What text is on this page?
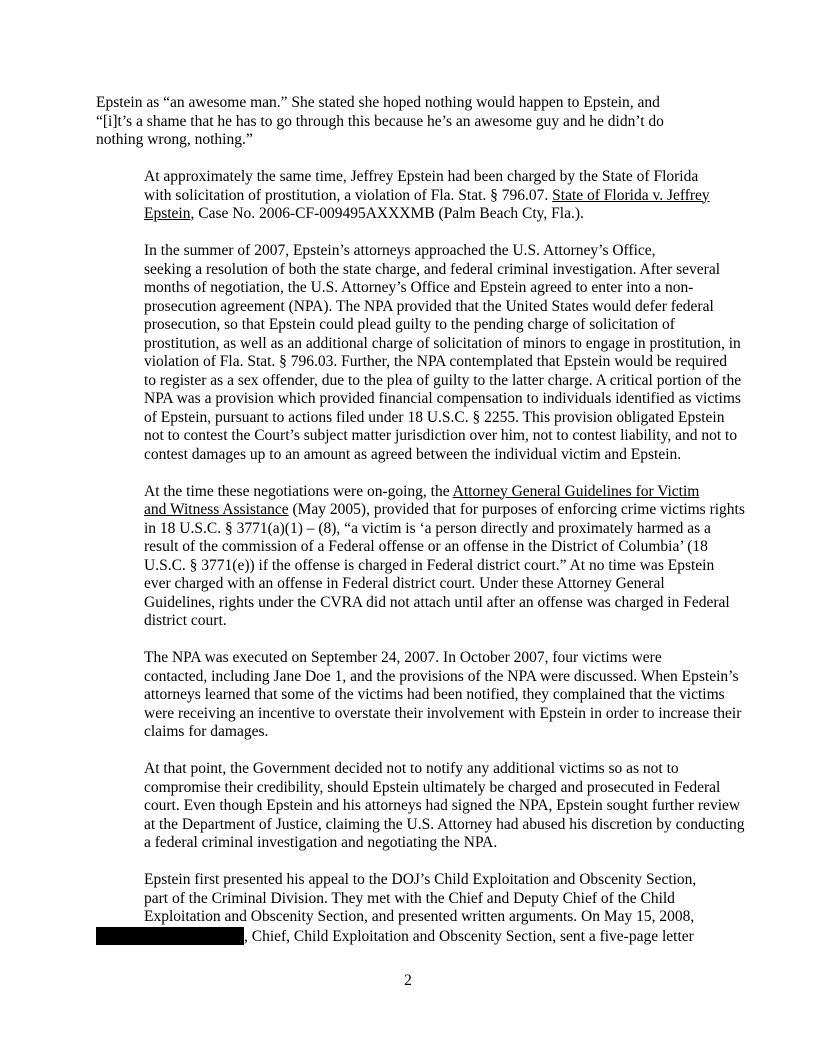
Epstein as “an awesome man.” She stated she hoped nothing would happen to Epstein, and
“[i]t’s a shame that he has to go through this because he’s an awesome guy and he didn’t do
nothing wrong, nothing.”

At approximately the same time, Jeffrey Epstein had been charged by the State of Florida
with solicitation of prostitution, a violation of Fla. Stat. § 796.07. State of Florida v. Jeffrey
Epstein, Case No. 2006-CF-009495AXXXMB (Palm Beach Cty, Fla.).

In the summer of 2007, Epstein’s attorneys approached the U.S. Attorney’s Office,
seeking a resolution of both the state charge, and federal criminal investigation. After several
months of negotiation, the U.S. Attorney’s Office and Epstein agreed to enter into a non-
prosecution agreement (NPA). The NPA provided that the United States would defer federal
prosecution, so that Epstein could plead guilty to the pending charge of solicitation of
prostitution, as well as an additional charge of solicitation of minors to engage in prostitution, in
violation of Fla. Stat. § 796.03. Further, the NPA contemplated that Epstein would be required
to register as a sex offender, due to the plea of guilty to the latter charge. A critical portion of the
NPA was a provision which provided financial compensation to individuals identified as victims
of Epstein, pursuant to actions filed under 18 U.S.C. § 2255. This provision obligated Epstein
not to contest the Court’s subject matter jurisdiction over him, not to contest liability, and not to
contest damages up to an amount as agreed between the individual victim and Epstein.

At the time these negotiations were on-going, the Attorney General Guidelines for Victim
and Witness Assistance (May 2005), provided that for purposes of enforcing crime victims rights
in 18 U.S.C. § 3771(a)(1) – (8), “a victim is ‘a person directly and proximately harmed as a
result of the commission of a Federal offense or an offense in the District of Columbia’ (18
U.S.C. § 3771(e)) if the offense is charged in Federal district court.” At no time was Epstein
ever charged with an offense in Federal district court. Under these Attorney General
Guidelines, rights under the CVRA did not attach until after an offense was charged in Federal
district court.

The NPA was executed on September 24, 2007. In October 2007, four victims were
contacted, including Jane Doe 1, and the provisions of the NPA were discussed. When Epstein’s
attorneys learned that some of the victims had been notified, they complained that the victims
were receiving an incentive to overstate their involvement with Epstein in order to increase their
claims for damages.

At that point, the Government decided not to notify any additional victims so as not to
compromise their credibility, should Epstein ultimately be charged and prosecuted in Federal
court. Even though Epstein and his attorneys had signed the NPA, Epstein sought further review
at the Department of Justice, claiming the U.S. Attorney had abused his discretion by conducting
a federal criminal investigation and negotiating the NPA.

Epstein first presented his appeal to the DOJ’s Child Exploitation and Obscenity Section,
part of the Criminal Division. They met with the Chief and Deputy Chief of the Child
Exploitation and Obscenity Section, and presented written arguments. On May 15, 2008,
, Chief, Child Exploitation and Obscenity Section, sent a five-page letter

2
